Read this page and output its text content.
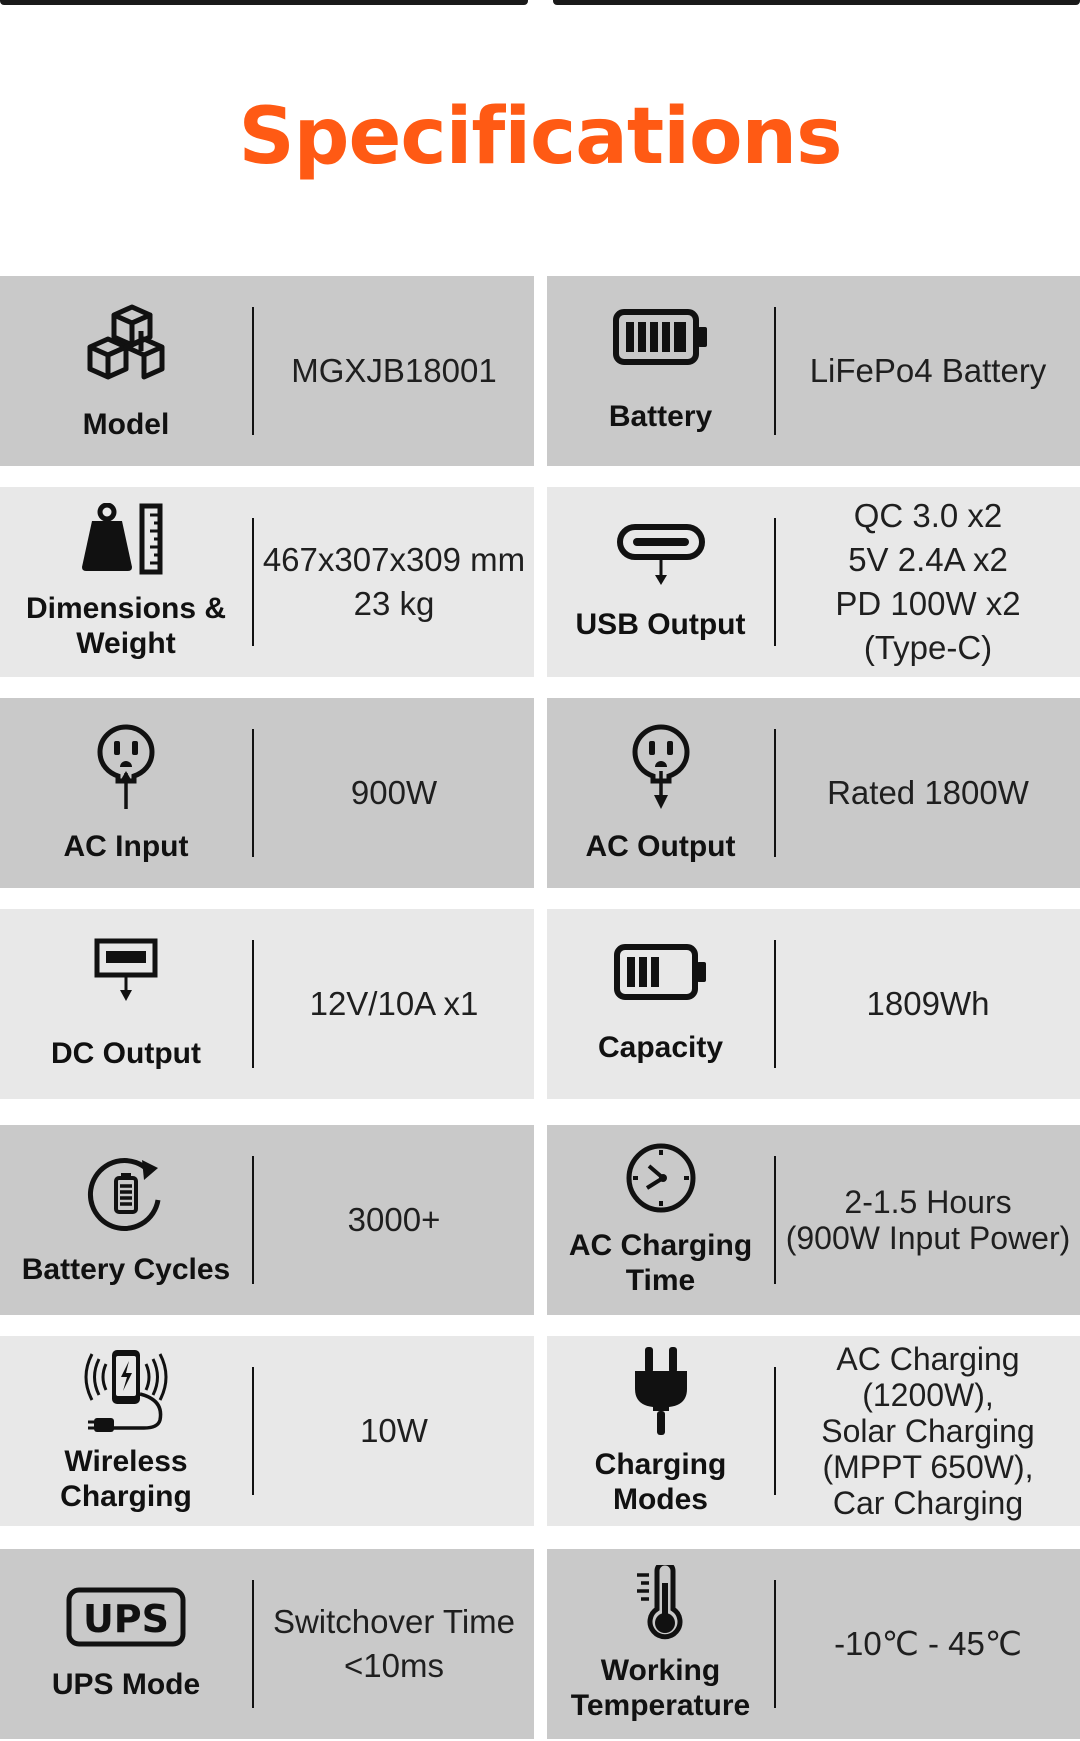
Specifications
Model
MGXJB18001
Battery
LiFePo4 Battery
Dimensions &
Weight
467x307x309 mm
23 kg
USB Output
QC 3.0 x2
5V 2.4A x2
PD 100W x2
(Type-C)
AC Input
900W
AC Output
Rated 1800W
DC Output
12V/10A x1
Capacity
1809Wh
Battery Cycles
3000+
AC Charging
Time
2-1.5 Hours
(900W Input Power)
Wireless
Charging
10W
Charging
Modes
AC Charging
(1200W),
Solar Charging
(MPPT 650W),
Car Charging
UPS
UPS Mode
Switchover Time
<10ms	Working
Temperature
-10℃ - 45℃
